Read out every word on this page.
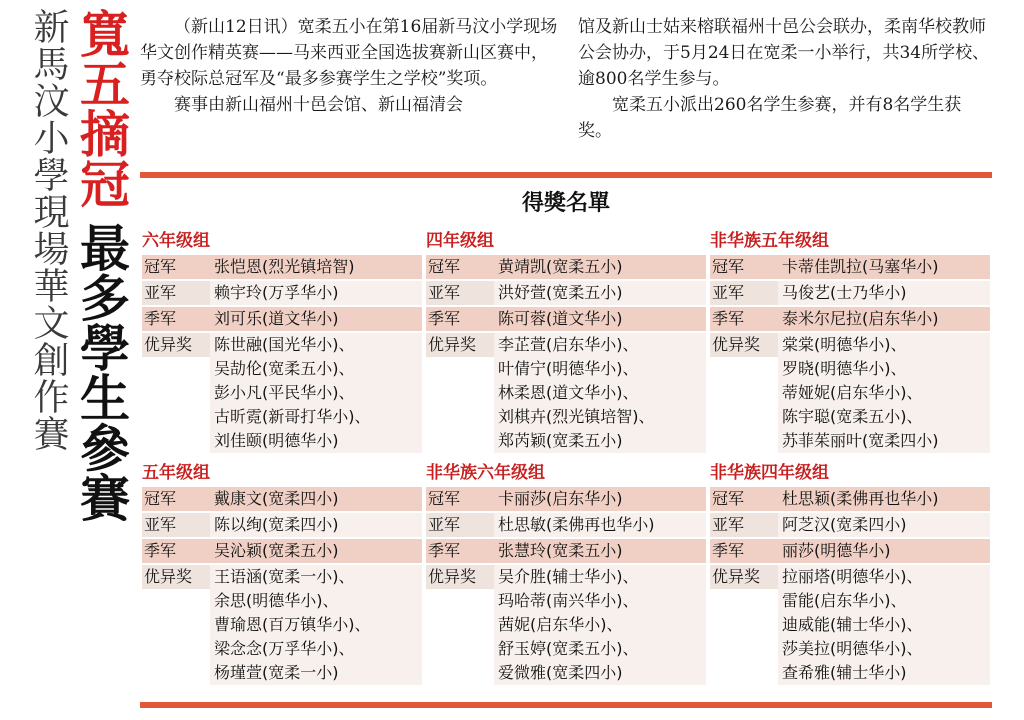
新馬汶小學現場華文創作賽 寬五摘冠
最多學生參賽

（新山12日讯）宽柔五小在第16届新马汶小学现场华文创作精英赛——马来西亚全国选拔赛新山区赛中，勇夺校际总冠军及“最多参赛学生之学校”奖项。

赛事由新山福州十邑会馆、新山福清会

馆及新山士姑来榕联福州十邑公会联办，柔南华校教师公会协办，于5月24日在宽柔一小举行，共34所学校、逾800名学生参与。

宽柔五小派出260名学生参赛，并有8名学生获奖。

得獎名單
六年级组
冠军	张恺恩(烈光镇培智)
亚军	赖宇玲(万孚华小)
季军	刘可乐(道文华小)
优异奖	陈世融(国光华小)、
吴劼伦(宽柔五小)、
彭小凡(平民华小)、
古昕霓(新哥打华小)、
刘佳颐(明德华小)
四年级组
冠军	黄靖凯(宽柔五小)
亚军	洪妤萱(宽柔五小)
季军	陈可蓉(道文华小)
优异奖	李芷萱(启东华小)、
叶倩宁(明德华小)、
林柔恩(道文华小)、
刘棋卉(烈光镇培智)、
郑芮颖(宽柔五小)
非华族五年级组
冠军	卡蒂佳凯拉(马塞华小)
亚军	马俊艺(士乃华小)
季军	泰米尔尼拉(启东华小)
优异奖	棠棠(明德华小)、
罗晓(明德华小)、
蒂娅妮(启东华小)、
陈宇聪(宽柔五小)、
苏菲茱丽叶(宽柔四小)
五年级组
冠军	戴康文(宽柔四小)
亚军	陈以绚(宽柔四小)
季军	吴沁颖(宽柔五小)
优异奖	王语涵(宽柔一小)、
余思(明德华小)、
曹瑜恩(百万镇华小)、
梁念念(万孚华小)、
杨瑾萱(宽柔一小)
非华族六年级组
冠军	卡丽莎(启东华小)
亚军	杜思敏(柔佛再也华小)
季军	张慧玲(宽柔五小)
优异奖	吴介胜(辅士华小)、
玛哈蒂(南兴华小)、
茜妮(启东华小)、
舒玉婷(宽柔五小)、
爱微雅(宽柔四小)
非华族四年级组
冠军	杜思颖(柔佛再也华小)
亚军	阿芝汉(宽柔四小)
季军	丽莎(明德华小)
优异奖	拉丽塔(明德华小)、
雷能(启东华小)、
迪威能(辅士华小)、
莎美拉(明德华小)、
查希雅(辅士华小)
